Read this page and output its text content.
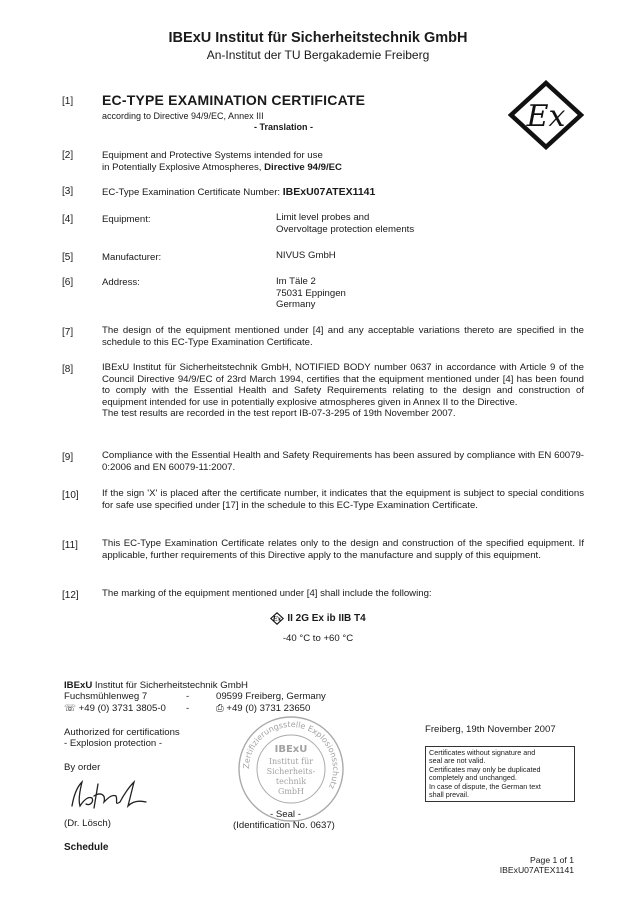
IBExU Institut für Sicherheitstechnik GmbH
An-Institut der TU Bergakademie Freiberg
[1] EC-TYPE EXAMINATION CERTIFICATE
according to Directive 94/9/EC, Annex III
- Translation -	Ex
[2]	Equipment and Protective Systems intended for use
in Potentially Explosive Atmospheres, Directive 94/9/EC
[3]	EC-Type Examination Certificate Number: IBExU07ATEX1141
[4]	Equipment:	Limit level probes and
Overvoltage protection elements
[5]	Manufacturer:	NIVUS GmbH
[6]	Address:	Im Täle 2
75031 Eppingen
Germany
[7]	The design of the equipment mentioned under [4] and any acceptable variations thereto are specified in the schedule to this EC-Type Examination Certificate.
[8]	IBExU Institut für Sicherheitstechnik GmbH, NOTIFIED BODY number 0637 in accordance with Article 9 of the Council Directive 94/9/EC of 23rd March 1994, certifies that the equipment mentioned under [4] has been found to comply with the Essential Health and Safety Requirements relating to the design and construction of equipment intended for use in potentially explosive atmospheres given in Annex II to the Directive.
The test results are recorded in the test report IB-07-3-295 of 19th November 2007.
[9]	Compliance with the Essential Health and Safety Requirements has been assured by compliance with EN 60079-0:2006 and EN 60079-11:2007.
[10] If the sign 'X' is placed after the certificate number, it indicates that the equipment is subject to special conditions for safe use specified under [17] in the schedule to this EC-Type Examination Certificate.
[11]	This EC-Type Examination Certificate relates only to the design and construction of the specified equipment. If applicable, further requirements of this Directive apply to the manufacture and supply of this equipment.
[12] The marking of the equipment mentioned under [4] shall include the following:
Ex II 2G Ex ib IIB T4
-40 °C to +60 °C
IBExU Institut für Sicherheitstechnik GmbH
Fuchsmühlenweg 7	-	09599 Freiberg, Germany
☏ +49 (0) 3731 3805-0	-	⎙ +49 (0) 3731 23650
Authorized for certifications
- Explosion protection -
By order
(Dr. Lösch)
Zertifizierungsstelle Explosionsschutz
IBExU
Institut für
Sicherheits-
technik
GmbH
- Seal -
(Identification No. 0637)
Freiberg, 19th November 2007
Certificates without signature and
seal are not valid.
Certificates may only be duplicated
completely and unchanged.
In case of dispute, the German text
shall prevail.
Schedule
Page 1 of 1
IBExU07ATEX1141
